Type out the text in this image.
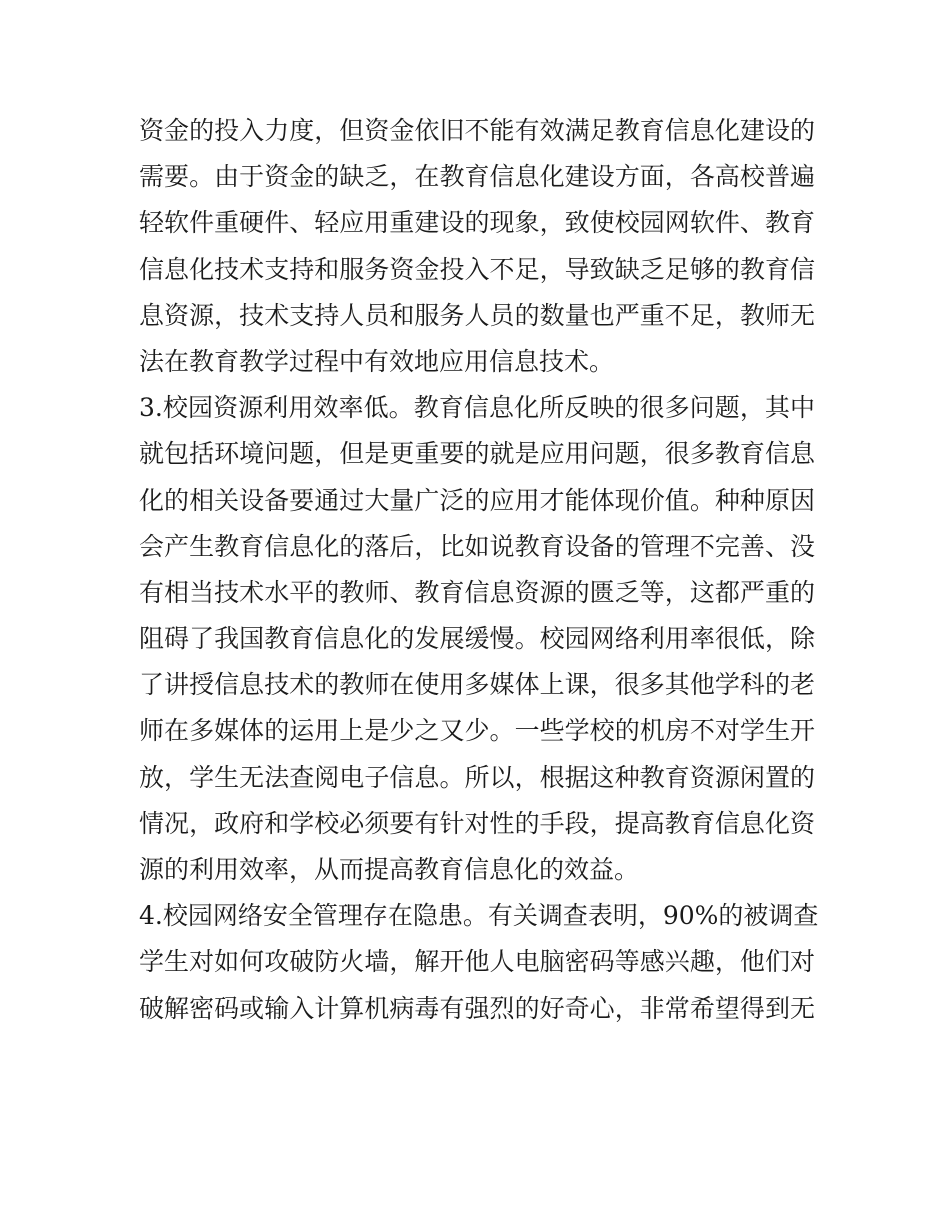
资金的投入力度，但资金依旧不能有效满足教育信息化建设的
需要。由于资金的缺乏，在教育信息化建设方面，各高校普遍
轻软件重硬件、轻应用重建设的现象，致使校园网软件、教育
信息化技术支持和服务资金投入不足，导致缺乏足够的教育信
息资源，技术支持人员和服务人员的数量也严重不足，教师无
法在教育教学过程中有效地应用信息技术。
3.校园资源利用效率低。教育信息化所反映的很多问题，其中
就包括环境问题，但是更重要的就是应用问题，很多教育信息
化的相关设备要通过大量广泛的应用才能体现价值。种种原因
会产生教育信息化的落后，比如说教育设备的管理不完善、没
有相当技术水平的教师、教育信息资源的匮乏等，这都严重的
阻碍了我国教育信息化的发展缓慢。校园网络利用率很低，除
了讲授信息技术的教师在使用多媒体上课，很多其他学科的老
师在多媒体的运用上是少之又少。一些学校的机房不对学生开
放，学生无法查阅电子信息。所以，根据这种教育资源闲置的
情况，政府和学校必须要有针对性的手段，提高教育信息化资
源的利用效率，从而提高教育信息化的效益。
4.校园网络安全管理存在隐患。有关调查表明，90%的被调查
学生对如何攻破防火墙，解开他人电脑密码等感兴趣，他们对
破解密码或输入计算机病毒有强烈的好奇心，非常希望得到无
